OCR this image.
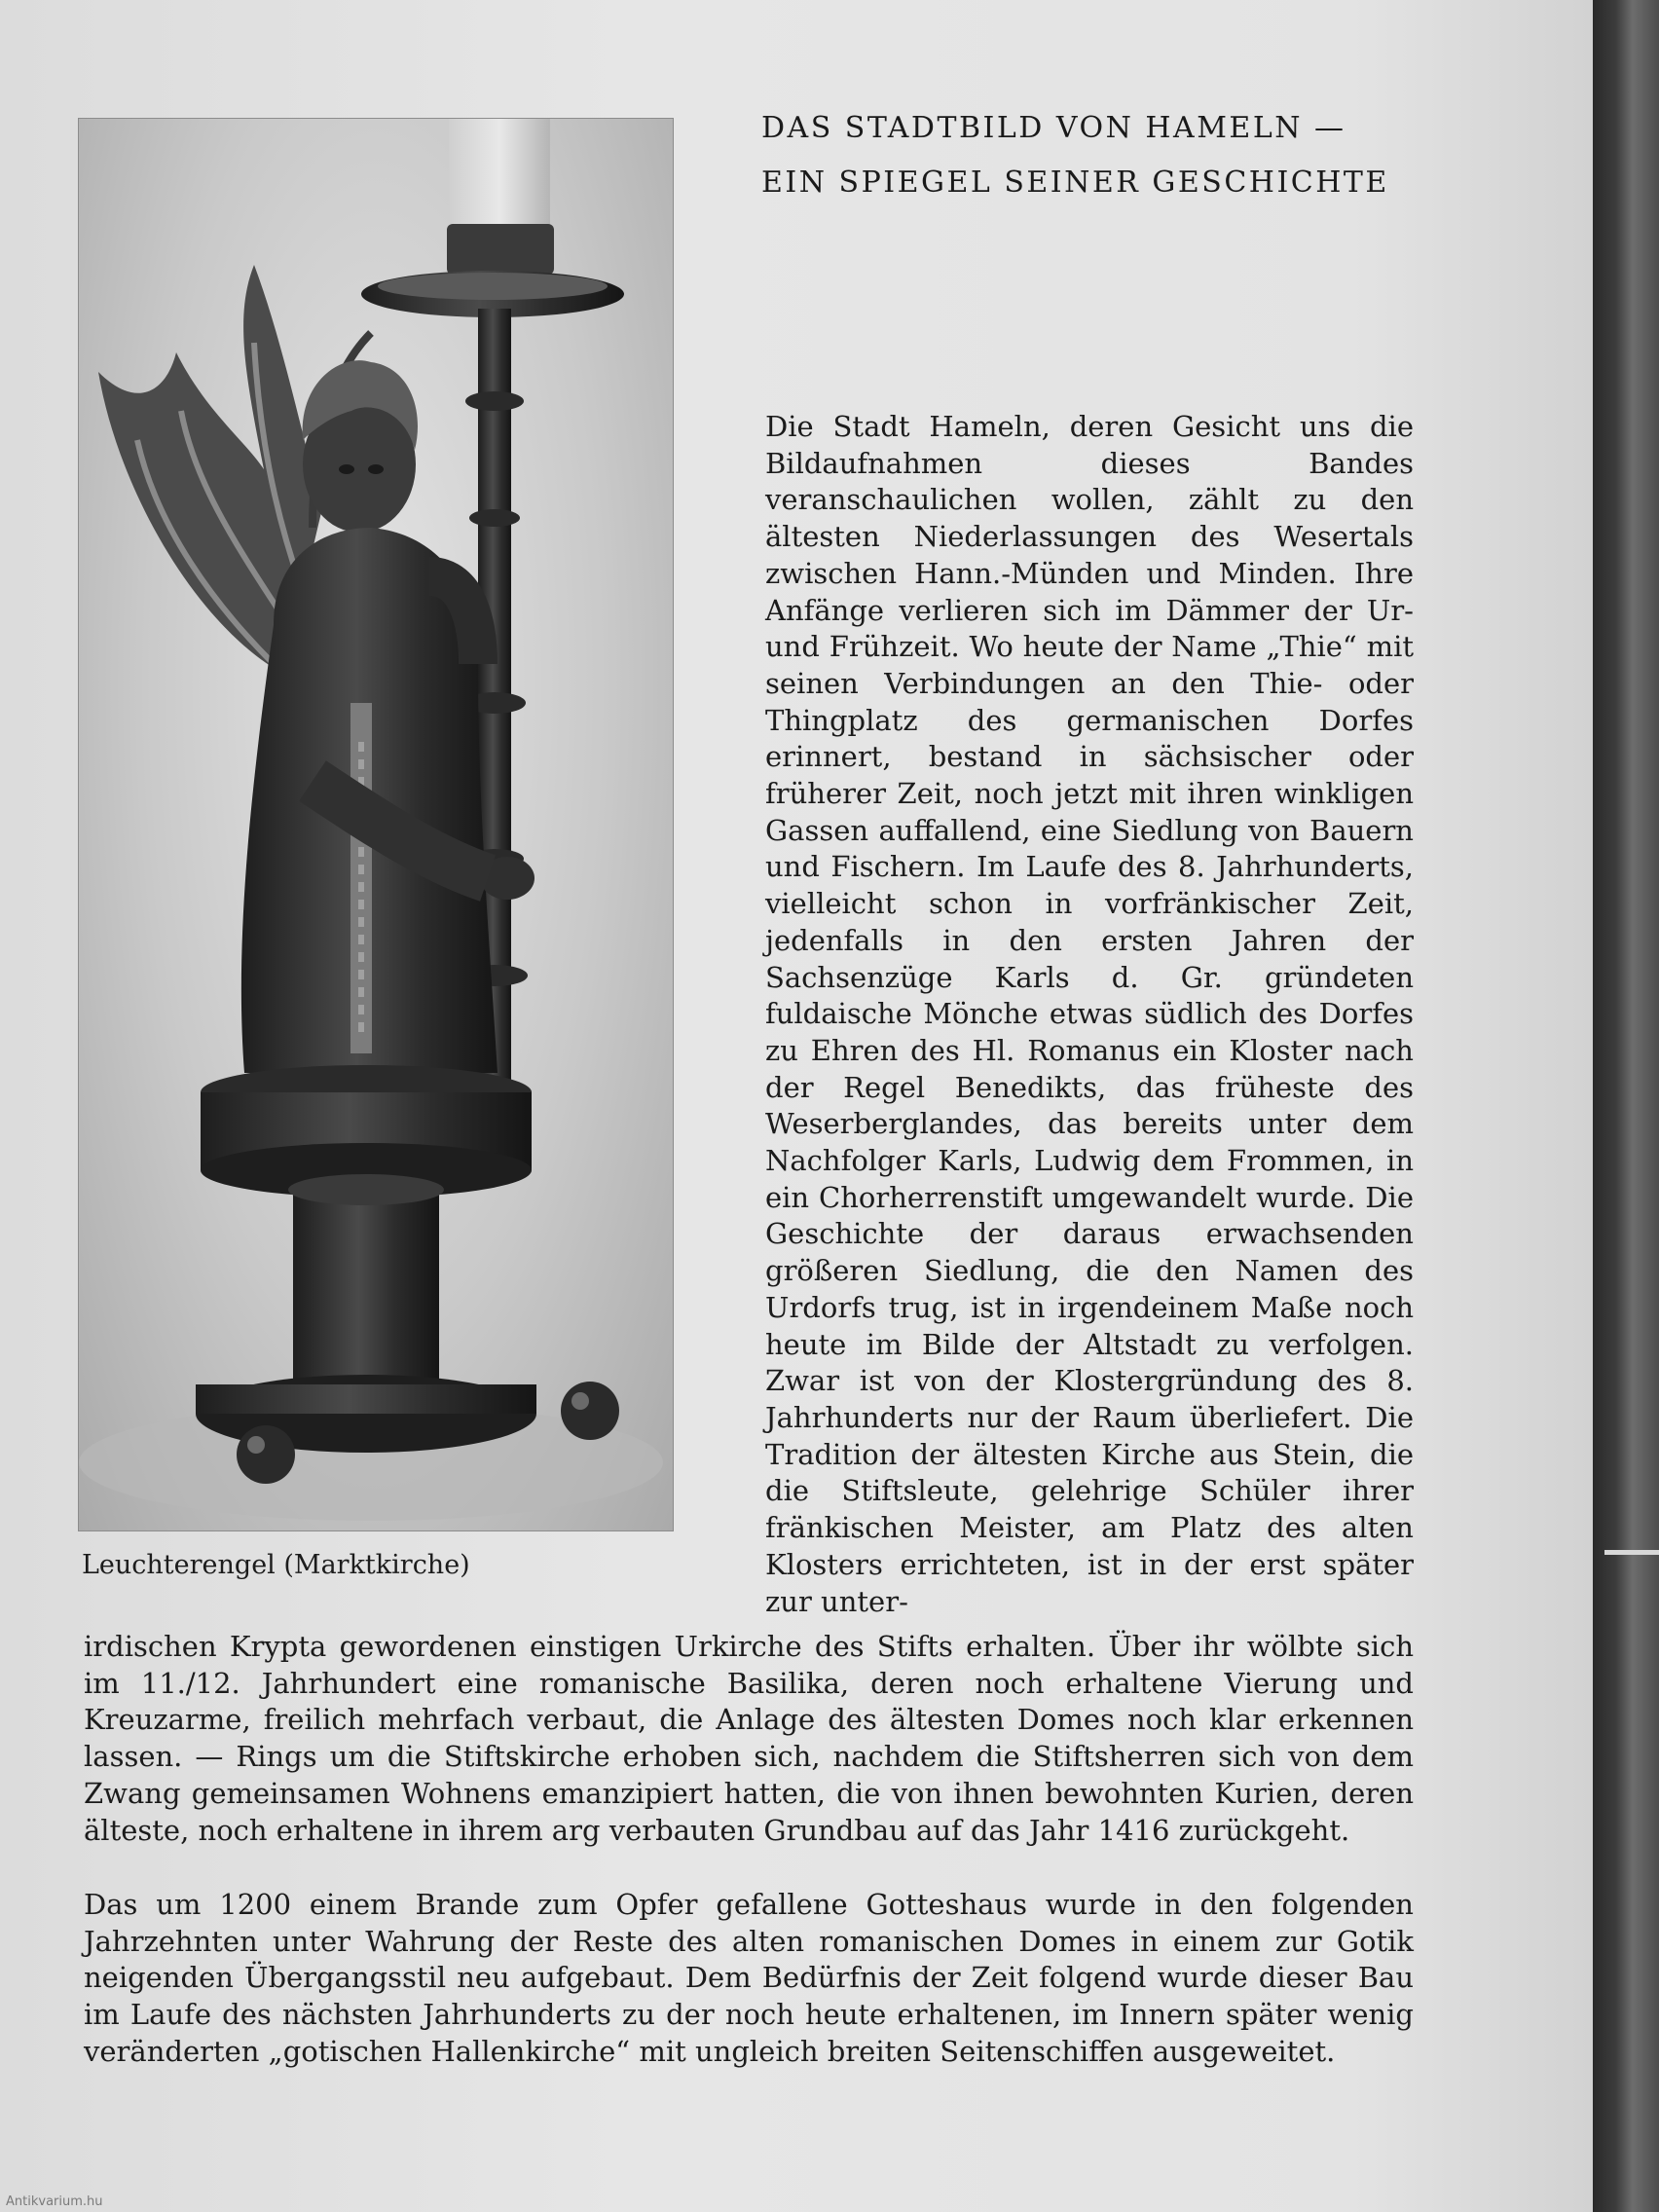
DAS STADTBILD VON HAMELN —
EIN SPIEGEL SEINER GESCHICHTE
Leuchterengel (Marktkirche)

Die Stadt Hameln, deren Gesicht uns die Bildaufnahmen dieses Bandes veranschaulichen wollen, zählt zu den ältesten Niederlassungen des Wesertals zwischen Hann.-Münden und Minden. Ihre Anfänge verlieren sich im Dämmer der Ur- und Frühzeit. Wo heute der Name „Thie“ mit seinen Verbindungen an den Thie- oder Thingplatz des germanischen Dorfes erinnert, bestand in sächsischer oder früherer Zeit, noch jetzt mit ihren winkligen Gassen auffallend, eine Siedlung von Bauern und Fischern. Im Laufe des 8. Jahrhunderts, vielleicht schon in vorfränkischer Zeit, jedenfalls in den ersten Jahren der Sachsenzüge Karls d. Gr. gründeten fuldaische Mönche etwas südlich des Dorfes zu Ehren des Hl. Romanus ein Kloster nach der Regel Benedikts, das früheste des Weserberglandes, das bereits unter dem Nachfolger Karls, Ludwig dem Frommen, in ein Chorherrenstift umgewandelt wurde. Die Geschichte der daraus erwachsenden größeren Siedlung, die den Namen des Urdorfs trug, ist in irgendeinem Maße noch heute im Bilde der Altstadt zu verfolgen. Zwar ist von der Klostergründung des 8. Jahrhunderts nur der Raum überliefert. Die Tradition der ältesten Kirche aus Stein, die die Stiftsleute, gelehrige Schüler ihrer fränkischen Meister, am Platz des alten Klosters errichteten, ist in der erst später zur unter-

irdischen Krypta gewordenen einstigen Urkirche des Stifts erhalten. Über ihr wölbte sich im 11./12. Jahrhundert eine romanische Basilika, deren noch erhaltene Vierung und Kreuzarme, freilich mehrfach verbaut, die Anlage des ältesten Domes noch klar erkennen lassen. — Rings um die Stiftskirche erhoben sich, nachdem die Stiftsherren sich von dem Zwang gemeinsamen Wohnens emanzipiert hatten, die von ihnen bewohnten Kurien, deren älteste, noch erhaltene in ihrem arg verbauten Grundbau auf das Jahr 1416 zurückgeht.

Das um 1200 einem Brande zum Opfer gefallene Gotteshaus wurde in den folgenden Jahrzehnten unter Wahrung der Reste des alten romanischen Domes in einem zur Gotik neigenden Übergangsstil neu aufgebaut. Dem Bedürfnis der Zeit folgend wurde dieser Bau im Laufe des nächsten Jahrhunderts zu der noch heute erhaltenen, im Innern später wenig veränderten „gotischen Hallenkirche“ mit ungleich breiten Seitenschiffen ausgeweitet.

Antikvarium.hu
